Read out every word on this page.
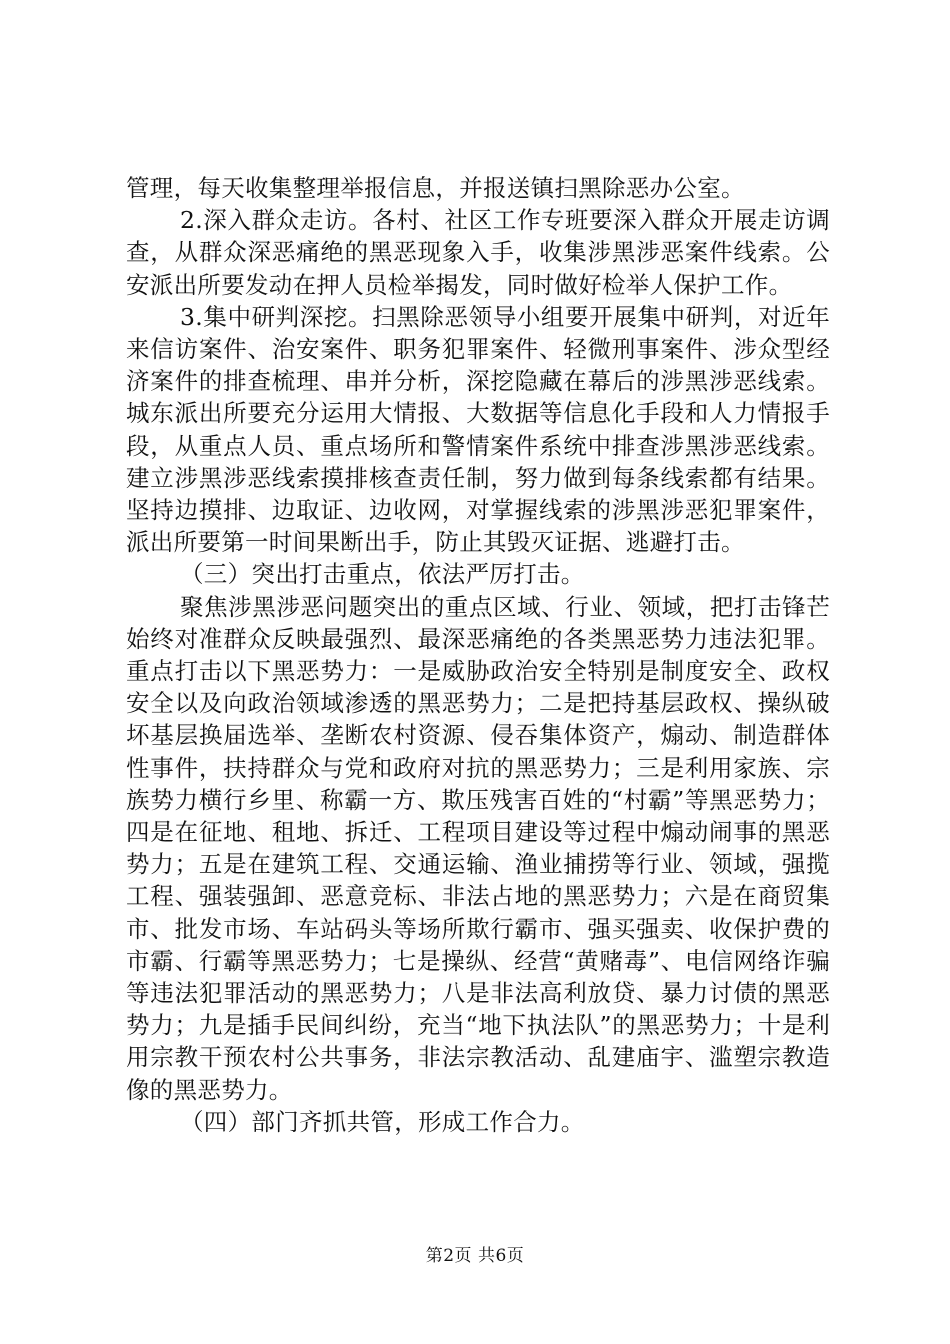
管理，每天收集整理举报信息，并报送镇扫黑除恶办公室。

2.深入群众走访。各村、社区工作专班要深入群众开展走访调查，从群众深恶痛绝的黑恶现象入手，收集涉黑涉恶案件线索。公安派出所要发动在押人员检举揭发，同时做好检举人保护工作。

3.集中研判深挖。扫黑除恶领导小组要开展集中研判，对近年来信访案件、治安案件、职务犯罪案件、轻微刑事案件、涉众型经济案件的排查梳理、串并分析，深挖隐藏在幕后的涉黑涉恶线索。城东派出所要充分运用大情报、大数据等信息化手段和人力情报手段，从重点人员、重点场所和警情案件系统中排查涉黑涉恶线索。建立涉黑涉恶线索摸排核查责任制，努力做到每条线索都有结果。坚持边摸排、边取证、边收网，对掌握线索的涉黑涉恶犯罪案件，派出所要第一时间果断出手，防止其毁灭证据、逃避打击。

（三）突出打击重点，依法严厉打击。

聚焦涉黑涉恶问题突出的重点区域、行业、领域，把打击锋芒始终对准群众反映最强烈、最深恶痛绝的各类黑恶势力违法犯罪。重点打击以下黑恶势力：一是威胁政治安全特别是制度安全、政权安全以及向政治领域渗透的黑恶势力；二是把持基层政权、操纵破坏基层换届选举、垄断农村资源、侵吞集体资产，煽动、制造群体性事件，扶持群众与党和政府对抗的黑恶势力；三是利用家族、宗族势力横行乡里、称霸一方、欺压残害百姓的“村霸”等黑恶势力；四是在征地、租地、拆迁、工程项目建设等过程中煽动闹事的黑恶势力；五是在建筑工程、交通运输、渔业捕捞等行业、领域，强揽工程、强装强卸、恶意竞标、非法占地的黑恶势力；六是在商贸集市、批发市场、车站码头等场所欺行霸市、强买强卖、收保护费的市霸、行霸等黑恶势力；七是操纵、经营“黄赌毒”、电信网络诈骗等违法犯罪活动的黑恶势力；八是非法高利放贷、暴力讨债的黑恶势力；九是插手民间纠纷，充当“地下执法队”的黑恶势力；十是利用宗教干预农村公共事务，非法宗教活动、乱建庙宇、滥塑宗教造像的黑恶势力。

（四）部门齐抓共管，形成工作合力。

第2页 共6页
